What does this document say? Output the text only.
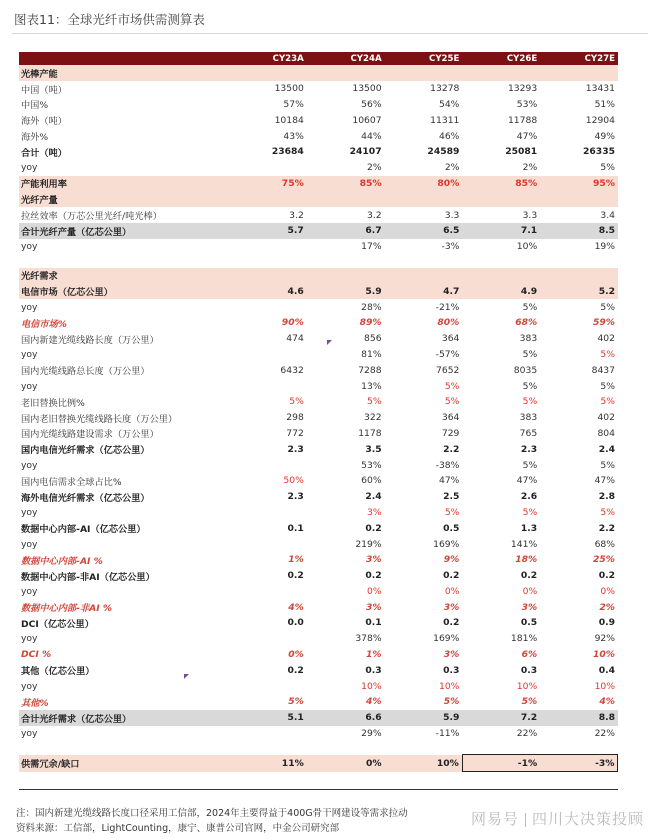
图表11：全球光纤市场供需测算表
	CY23A	CY24A	CY25E	CY26E	CY27E
光棒产能					
中国（吨）	13500	13500	13278	13293	13431
中国%	57%	56%	54%	53%	51%
海外（吨）	10184	10607	11311	11788	12904
海外%	43%	44%	46%	47%	49%
合计（吨）	23684	24107	24589	25081	26335
yoy		2%	2%	2%	5%
产能利用率	75%	85%	80%	85%	95%
光纤产量					
拉丝效率（万芯公里光纤/吨光棒）	3.2	3.2	3.3	3.3	3.4
合计光纤产量（亿芯公里）	5.7	6.7	6.5	7.1	8.5
yoy		17%	-3%	10%	19%

光纤需求					
电信市场（亿芯公里）	4.6	5.9	4.7	4.9	5.2
yoy		28%	-21%	5%	5%
电信市场%	90%	89%	80%	68%	59%
国内新建光缆线路长度（万公里）	474	856	364	383	402
yoy		81%	-57%	5%	5%
国内光缆线路总长度（万公里）	6432	7288	7652	8035	8437
yoy		13%	5%	5%	5%
老旧替换比例%	5%	5%	5%	5%	5%
国内老旧替换光缆线路长度（万公里）	298	322	364	383	402
国内光缆线路建设需求（万公里）	772	1178	729	765	804
国内电信光纤需求（亿芯公里）	2.3	3.5	2.2	2.3	2.4
yoy		53%	-38%	5%	5%
国内电信需求全球占比%	50%	60%	47%	47%	47%
海外电信光纤需求（亿芯公里）	2.3	2.4	2.5	2.6	2.8
yoy		3%	5%	5%	5%
数据中心内部-AI（亿芯公里）	0.1	0.2	0.5	1.3	2.2
yoy		219%	169%	141%	68%
数据中心内部-AI %	1%	3%	9%	18%	25%
数据中心内部-非AI（亿芯公里）	0.2	0.2	0.2	0.2	0.2
yoy		0%	0%	0%	0%
数据中心内部-非AI %	4%	3%	3%	3%	2%
DCI（亿芯公里）	0.0	0.1	0.2	0.5	0.9
yoy		378%	169%	181%	92%
DCI %	0%	1%	3%	6%	10%
其他（亿芯公里）	0.2	0.3	0.3	0.3	0.4
yoy		10%	10%	10%	10%
其他%	5%	4%	5%	5%	4%
合计光纤需求（亿芯公里）	5.1	6.6	5.9	7.2	8.8
yoy		29%	-11%	22%	22%

供需冗余/缺口	11%	0%	10%	-1%	-3%
注：国内新建光缆线路长度口径采用工信部，2024年主要得益于400G骨干网建设等需求拉动
资料来源：工信部，LightCounting，康宁、康普公司官网，中金公司研究部
网易号 四川大决策投顾
